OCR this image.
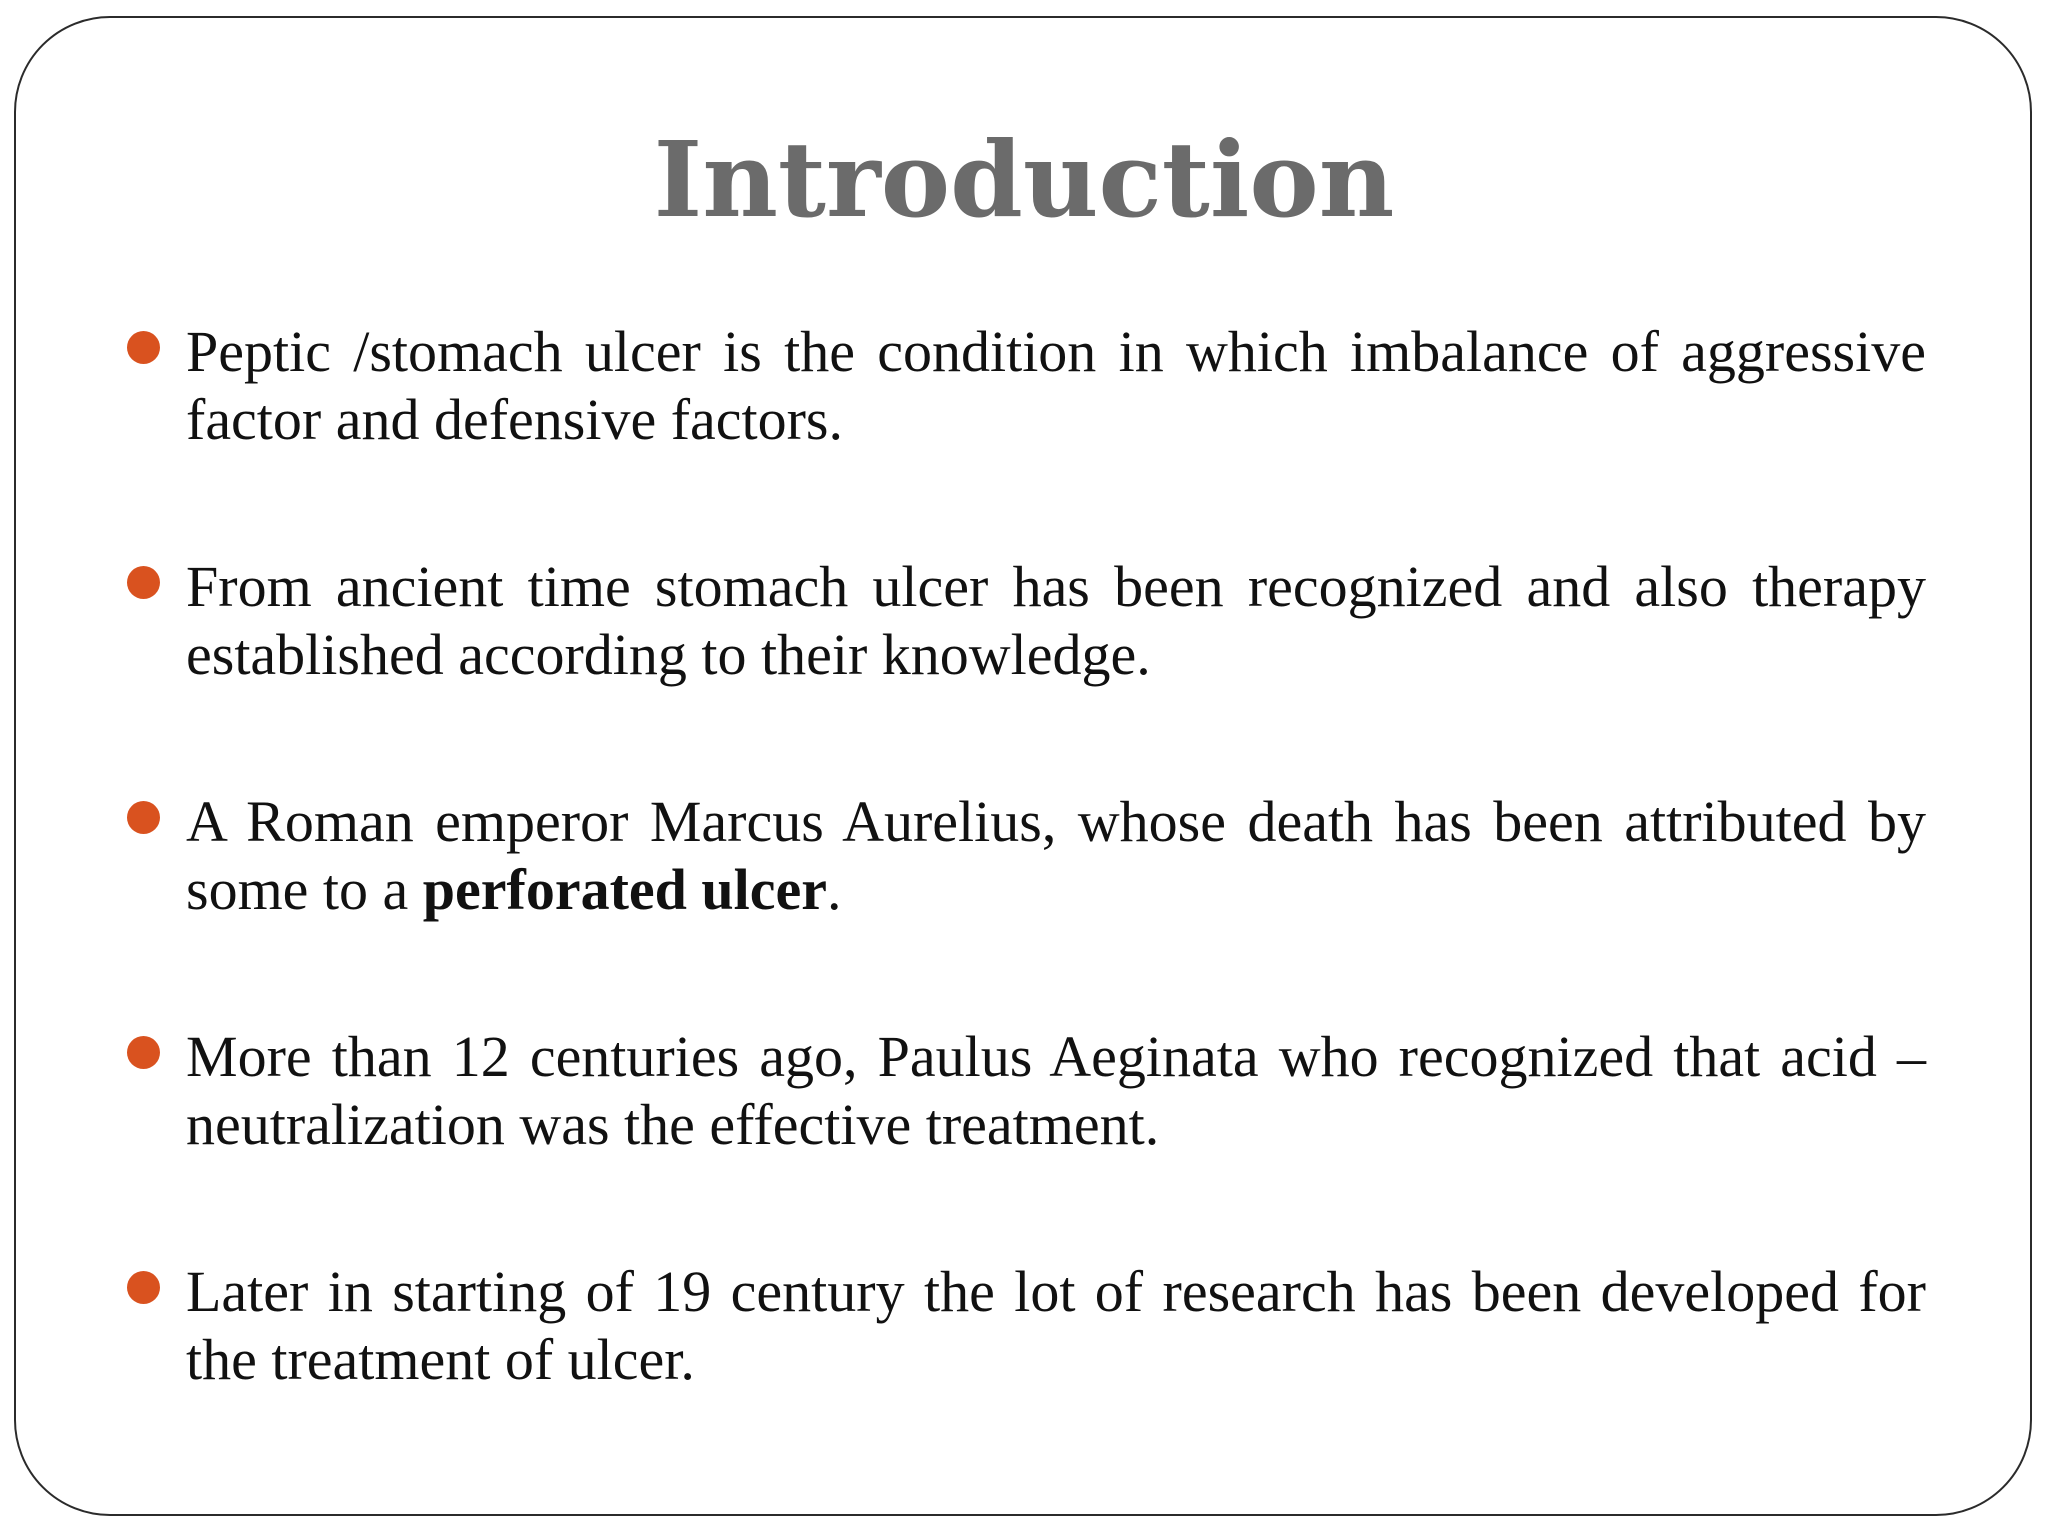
Introduction

Peptic /stomach ulcer is the condition in which imbalance of aggressive factor and defensive factors.

From ancient time stomach ulcer has been recognized and also therapy established according to their knowledge.

A Roman emperor Marcus Aurelius, whose death has been attributed by some to a perforated ulcer.

More than 12 centuries ago, Paulus Aeginata who recognized that acid – neutralization was the effective treatment.

Later in starting of 19 century the lot of research has been developed for the treatment of ulcer.
